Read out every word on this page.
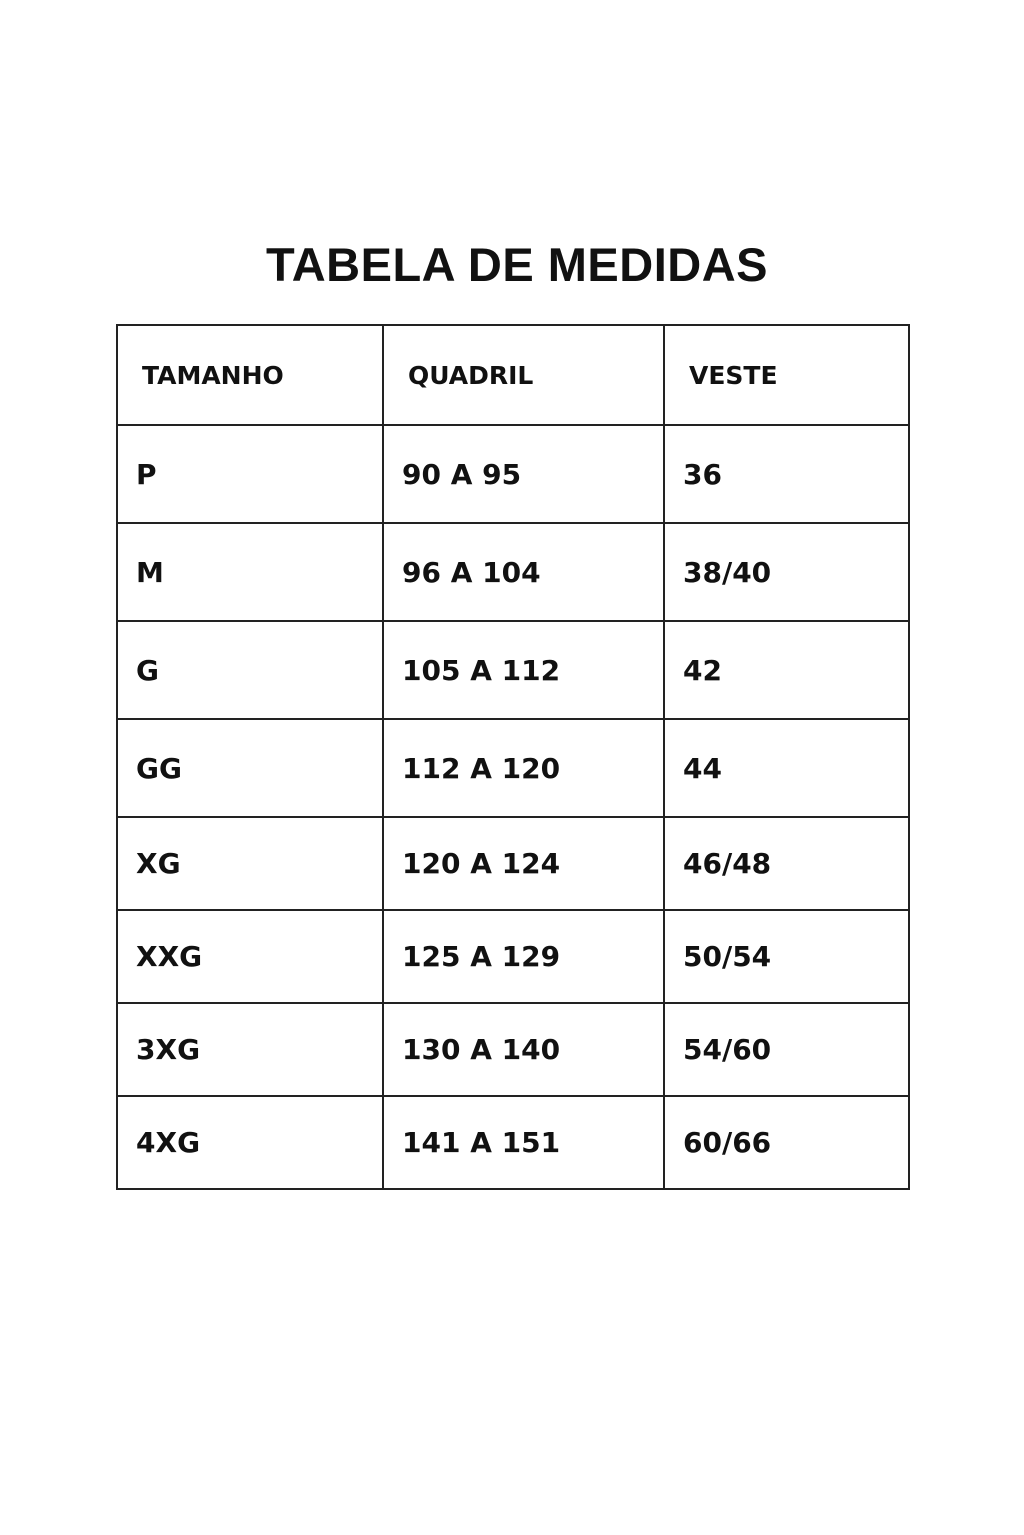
TABELA DE MEDIDAS
TAMANHO	QUADRIL	VESTE
P	90 A 95	36
M	96 A 104	38/40
G	105 A 112	42
GG	112 A 120	44
XG	120 A 124	46/48
XXG	125 A 129	50/54
3XG	130 A 140	54/60
4XG	141 A 151	60/66
